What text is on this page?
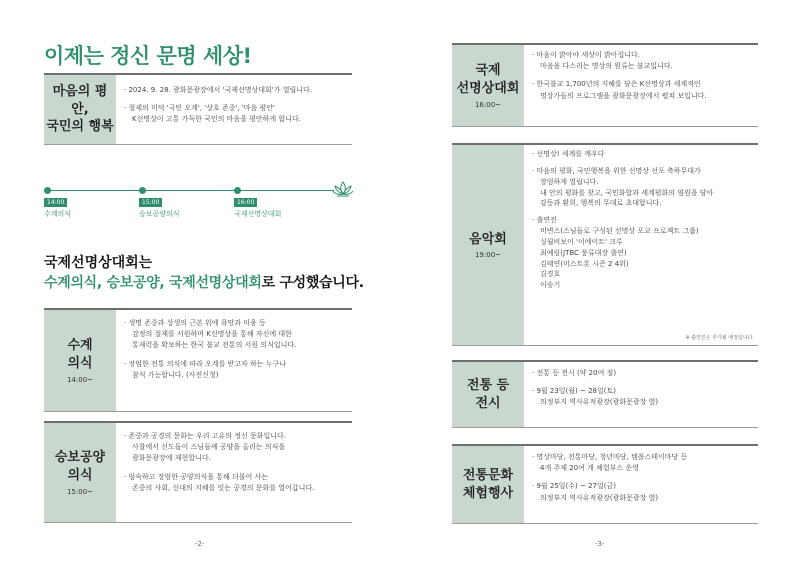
이제는 정신 문명 세상!
마음의 평안,
국민의 행복
· 2024. 9. 28. 광화문광장에서 '국제선명상대회'가 열립니다.
· 절제의 미덕 '국민 오계', '상호 존중', '마음 평안'
K선명상이 고통 가득한 국민의 마음을 평안하게 합니다.
14:00	15:00	16:00
수계의식	승보공양의식	국제선명상대회
국제선명상대회는
수계의식, 승보공양, 국제선명상대회로 구성했습니다.
수계
의식
14:00~
· 생명 존중과 상생의 근본 위에 욕망과 미움 등
감정의 절제를 서원하며 K선명상을 통해 자신에 대한
통제력을 확보하는 한국 불교 전통의 서원 의식입니다.
· 장엄한 전통 의식에 따라 오계를 받고자 하는 누구나
참석 가능합니다. (사전신청)
승보공양
의식
15:00~
· 존중과 공경의 문화는 우리 고유의 정신 문화입니다.
사찰에서 신도들이 스님들께 공양을 올리는 의식을
광화문광장에 재현합니다.
· 엄숙하고 장엄한 공양의식을 통해 더불어 사는
존중의 사회, 선대의 지혜를 잇는 공경의 문화를 열어갑니다.
-2-
국제
선명상대회
16:00~
· 마음이 밝아야 세상이 밝아집니다.
마음을 다스리는 명상의 원류는 불교입니다.
· 한국불교 1,700년의 지혜를 담은 K선명상과 세계적인
명상가들의 프로그램을 광화문광장에서 펼쳐 보입니다.
음악회
19:00~
· 선명상! 세계를 깨우다
· 마음의 평화, 국민행복을 위한 선명상 선포 축하무대가
장엄하게 열립니다.
내 안의 평화를 찾고, 국민화합과 세계평화의 염원을 담아
감동과 환희, 행복의 무대로 초대합니다.
· 출연진
비변스(스님들로 구성된 선명상 포교 프로젝트 그룹)
싱월비보이 '이에이트' 크루
최예림(JTBC 풍류대장 출연)
김태연(미스트롯 시즌 2 4위)
김경호
이승기
※ 출연진은 추가될 예정입니다.
전통 등
전시
· 전통 등 전시 (약 20여 점)
· 9월 23일(월) ~ 28일(토)
의정부지 역사유적광장(광화문광장 옆)
전통문화
체험행사
· 명상마당, 전통마당, 청년마당, 템플스테이마당 등
4개 주제 20여 개 체험부스 운영
· 9월 25일(수) ~ 27일(금)
의정부지 역사유적광장(광화문광장 옆)
-3-
